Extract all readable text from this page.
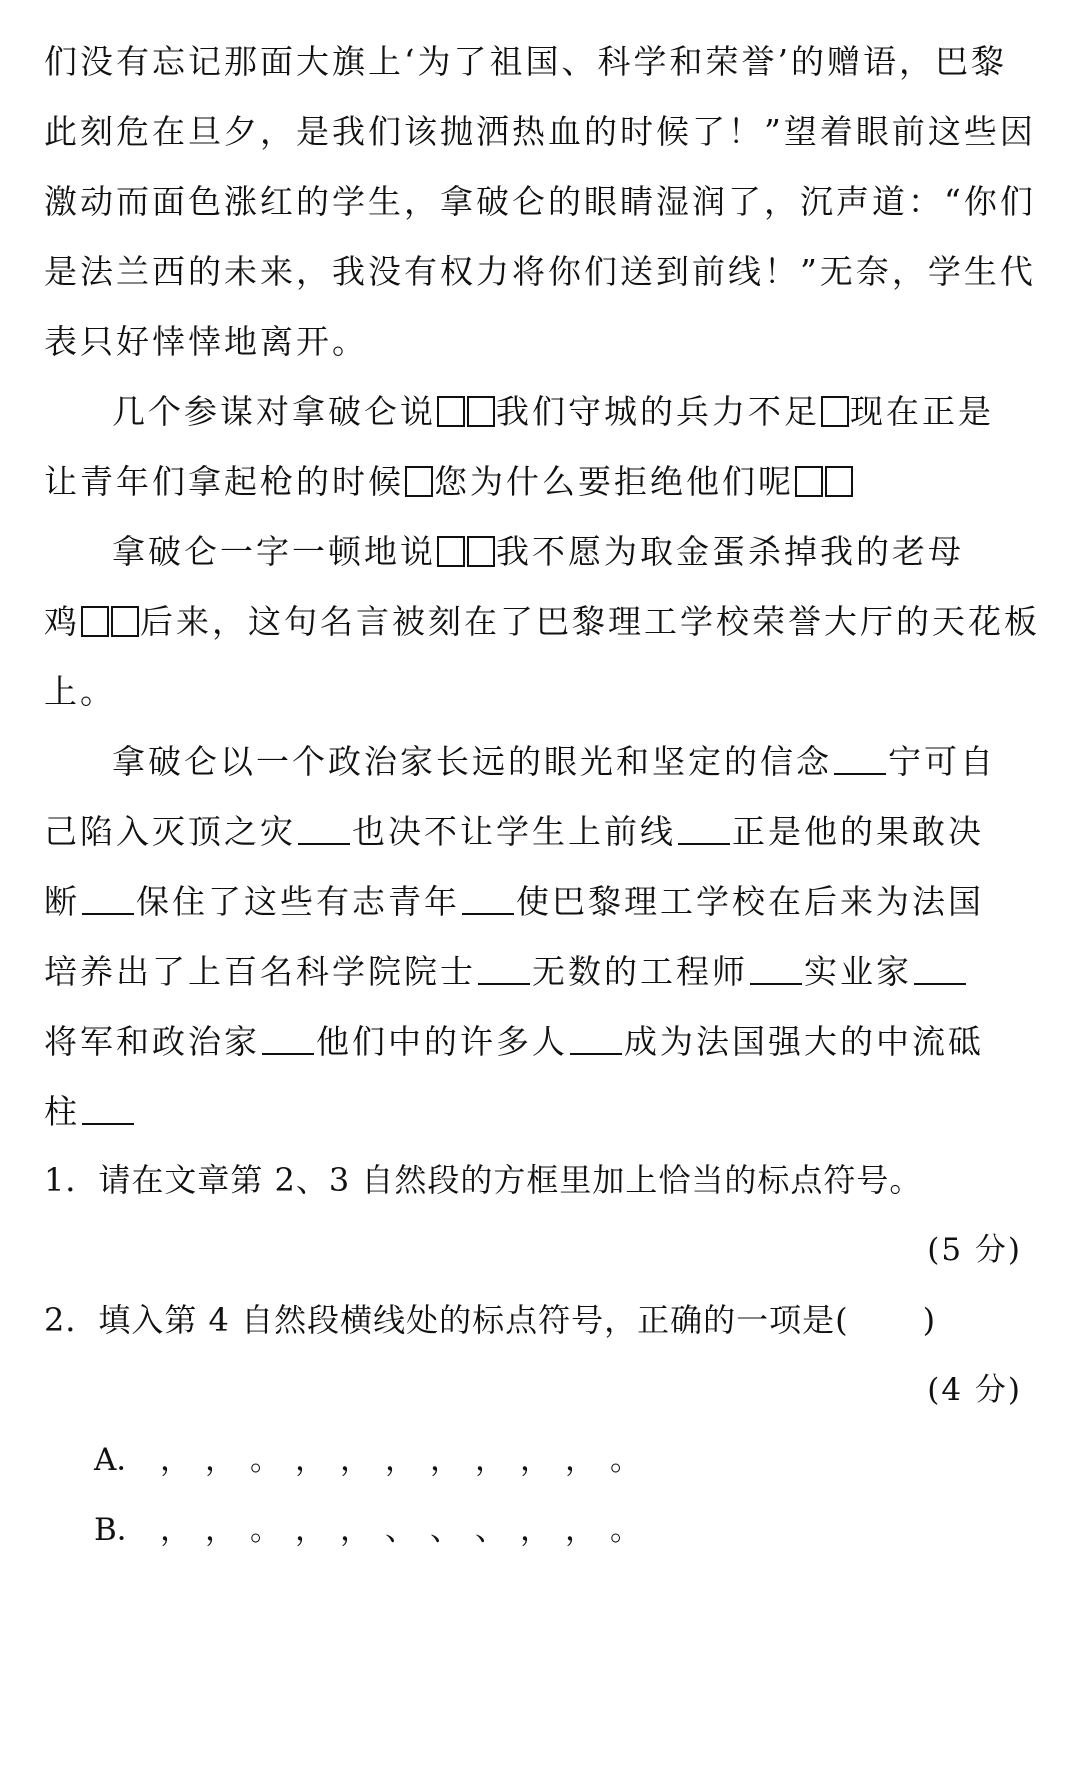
们没有忘记那面大旗上‘为了祖国、科学和荣誉’的赠语，巴黎
此刻危在旦夕，是我们该抛洒热血的时候了！”望着眼前这些因
激动而面色涨红的学生，拿破仑的眼睛湿润了，沉声道：“你们
是法兰西的未来，我没有权力将你们送到前线！”无奈，学生代
表只好悻悻地离开。
几个参谋对拿破仑说 我们守城的兵力不足 现在正是
让青年们拿起枪的时候 您为什么要拒绝他们呢
拿破仑一字一顿地说 我不愿为取金蛋杀掉我的老母
鸡 后来，这句名言被刻在了巴黎理工学校荣誉大厅的天花板
上。
拿破仑以一个政治家长远的眼光和坚定的信念 宁可自
己陷入灭顶之灾 也决不让学生上前线 正是他的果敢决
断 保住了这些有志青年 使巴黎理工学校在后来为法国
培养出了上百名科学院院士 无数的工程师 实业家
将军和政治家 他们中的许多人 成为法国强大的中流砥
柱
1．请在文章第 2、3 自然段的方框里加上恰当的标点符号。
(5 分)
2．填入第 4 自然段横线处的标点符号，正确的一项是( )
(4 分)
A． ， ， 。 ， ， ， ， ， ， ， 。
B． ， ， 。 ， ， 、 、 、 ， ， 。
